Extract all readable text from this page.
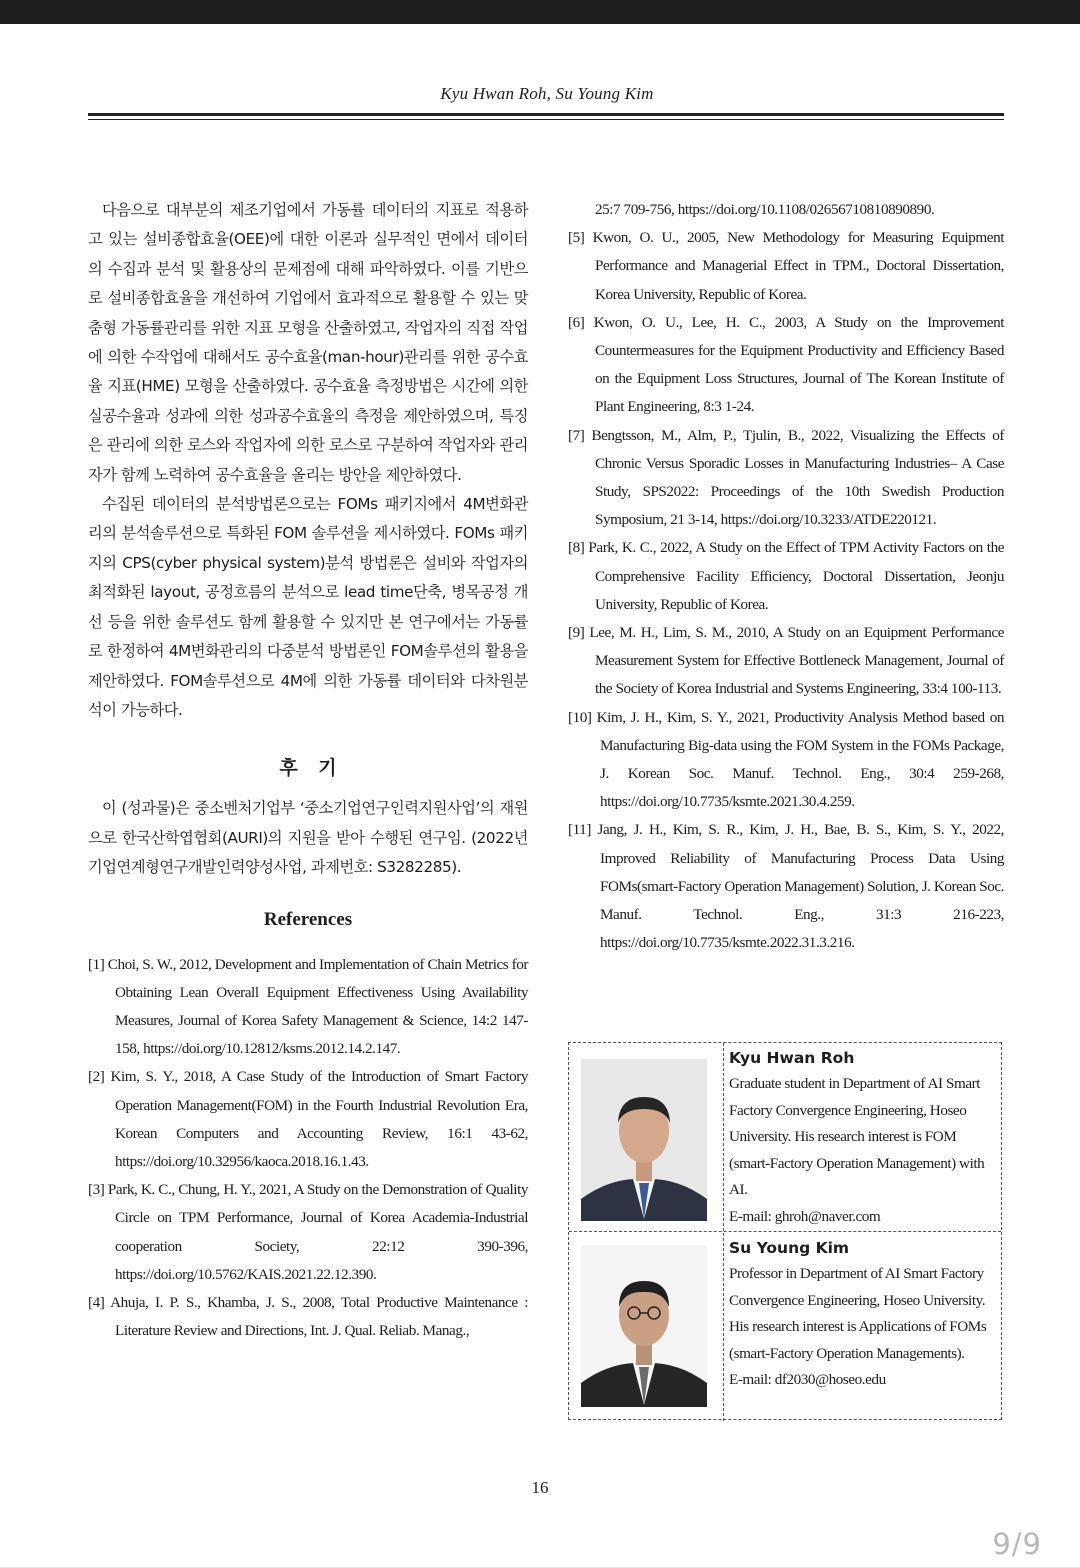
Kyu Hwan Roh, Su Young Kim

다음으로 대부분의 제조기업에서 가동률 데이터의 지표로 적용하고 있는 설비종합효율(OEE)에 대한 이론과 실무적인 면에서 데이터의 수집과 분석 및 활용상의 문제점에 대해 파악하였다. 이를 기반으로 설비종합효율을 개선하여 기업에서 효과적으로 활용할 수 있는 맞춤형 가동률관리를 위한 지표 모형을 산출하였고, 작업자의 직접 작업에 의한 수작업에 대해서도 공수효율(man-hour)관리를 위한 공수효율 지표(HME) 모형을 산출하였다. 공수효율 측정방법은 시간에 의한 실공수율과 성과에 의한 성과공수효율의 측정을 제안하였으며, 특징은 관리에 의한 로스와 작업자에 의한 로스로 구분하여 작업자와 관리자가 함께 노력하여 공수효율을 올리는 방안을 제안하였다.

수집된 데이터의 분석방법론으로는 FOMs 패키지에서 4M변화관리의 분석솔루션으로 특화된 FOM 솔루션을 제시하였다. FOMs 패키지의 CPS(cyber physical system)분석 방법론은 설비와 작업자의 최적화된 layout, 공정흐름의 분석으로 lead time단축, 병목공정 개선 등을 위한 솔루션도 함께 활용할 수 있지만 본 연구에서는 가동률로 한정하여 4M변화관리의 다중분석 방법론인 FOM솔루션의 활용을 제안하였다. FOM솔루션으로 4M에 의한 가동률 데이터와 다차원분석이 가능하다.

후 기

이 (성과물)은 중소벤처기업부 ‘중소기업연구인력지원사업’의 재원으로 한국산학엽협회(AURI)의 지원을 받아 수행된 연구임. (2022년 기업연계형연구개발인력양성사업, 과제번호: S3282285).

References

[1] Choi, S. W., 2012, Development and Implementation of Chain Metrics for Obtaining Lean Overall Equipment Effectiveness Using Availability Measures, Journal of Korea Safety Management & Science, 14:2 147-158, https://doi.org/10.12812/ksms.2012.14.2.147.

[2] Kim, S. Y., 2018, A Case Study of the Introduction of Smart Factory Operation Management(FOM) in the Fourth Industrial Revolution Era, Korean Computers and Accounting Review, 16:1 43-62, https://doi.org/10.32956/kaoca.2018.16.1.43.

[3] Park, K. C., Chung, H. Y., 2021, A Study on the Demonstration of Quality Circle on TPM Performance, Journal of Korea Academia-Industrial cooperation Society, 22:12 390-396, https://doi.org/10.5762/KAIS.2021.22.12.390.

[4] Ahuja, I. P. S., Khamba, J. S., 2008, Total Productive Maintenance : Literature Review and Directions, Int. J. Qual. Reliab. Manag.,

25:7 709-756, https://doi.org/10.1108/02656710810890890.

[5] Kwon, O. U., 2005, New Methodology for Measuring Equipment Performance and Managerial Effect in TPM., Doctoral Dissertation, Korea University, Republic of Korea.

[6] Kwon, O. U., Lee, H. C., 2003, A Study on the Improvement Countermeasures for the Equipment Productivity and Efficiency Based on the Equipment Loss Structures, Journal of The Korean Institute of Plant Engineering, 8:3 1-24.

[7] Bengtsson, M., Alm, P., Tjulin, B., 2022, Visualizing the Effects of Chronic Versus Sporadic Losses in Manufacturing Industries– A Case Study, SPS2022: Proceedings of the 10th Swedish Production Symposium, 21 3-14, https://doi.org/10.3233/ATDE220121.

[8] Park, K. C., 2022, A Study on the Effect of TPM Activity Factors on the Comprehensive Facility Efficiency, Doctoral Dissertation, Jeonju University, Republic of Korea.

[9] Lee, M. H., Lim, S. M., 2010, A Study on an Equipment Performance Measurement System for Effective Bottleneck Management, Journal of the Society of Korea Industrial and Systems Engineering, 33:4 100-113.

[10] Kim, J. H., Kim, S. Y., 2021, Productivity Analysis Method based on Manufacturing Big-data using the FOM System in the FOMs Package, J. Korean Soc. Manuf. Technol. Eng., 30:4 259-268, https://doi.org/10.7735/ksmte.2021.30.4.259.

[11] Jang, J. H., Kim, S. R., Kim, J. H., Bae, B. S., Kim, S. Y., 2022, Improved Reliability of Manufacturing Process Data Using FOMs(smart-Factory Operation Management) Solution, J. Korean Soc. Manuf. Technol. Eng., 31:3 216-223, https://doi.org/10.7735/ksmte.2022.31.3.216.

Kyu Hwan Roh

Graduate student in Department of AI Smart Factory Convergence Engineering, Hoseo University. His research interest is FOM (smart-Factory Operation Management) with AI.

E-mail: ghroh@naver.com

Su Young Kim

Professor in Department of AI Smart Factory Convergence Engineering, Hoseo University. His research interest is Applications of FOMs (smart-Factory Operation Managements).

E-mail: df2030@hoseo.edu

16
9/9
